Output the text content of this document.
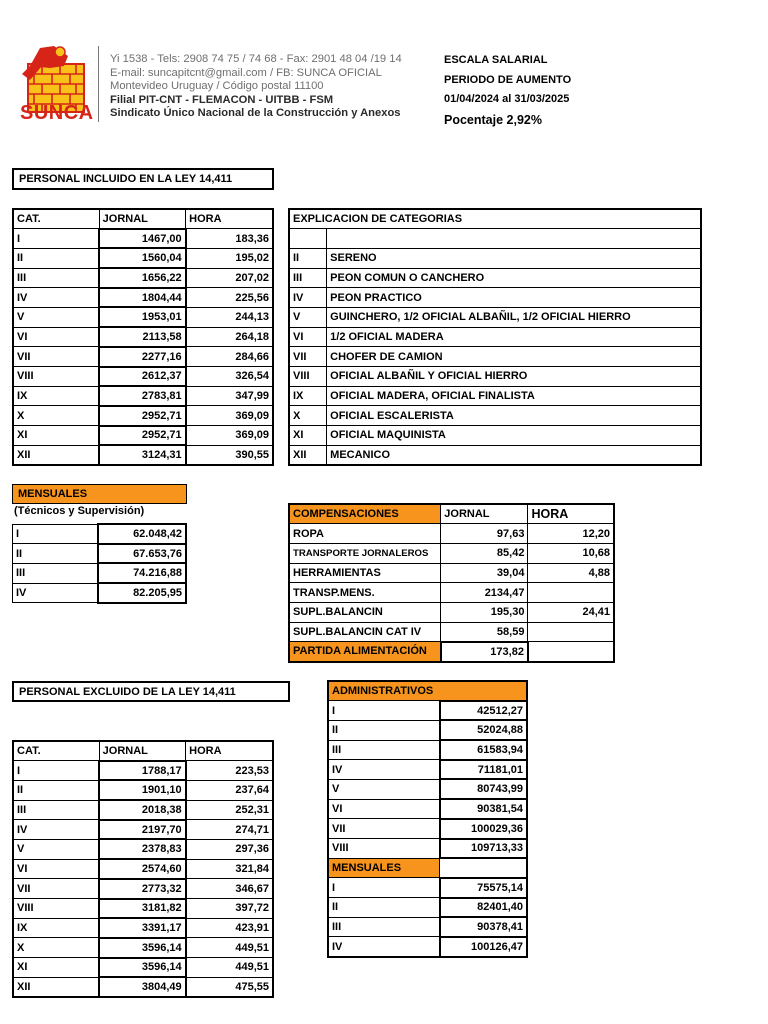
SUNCA
Yi 1538 - Tels: 2908 74 75 / 74 68 - Fax: 2901 48 04 /19 14
E-mail: suncapitcnt@gmail.com / FB: SUNCA OFICIAL
Montevideo Uruguay / Código postal 11100
Filial PIT-CNT - FLEMACON - UITBB - FSM
Sindicato Único Nacional de la Construcción y Anexos
ESCALA SALARIAL
PERIODO DE AUMENTO
01/04/2024 al 31/03/2025
Pocentaje 2,92%
PERSONAL INCLUIDO EN LA LEY 14,411
CAT.	JORNAL	HORA
I	1467,00	183,36
II	1560,04	195,02
III	1656,22	207,02
IV	1804,44	225,56
V	1953,01	244,13
VI	2113,58	264,18
VII	2277,16	284,66
VIII	2612,37	326,54
IX	2783,81	347,99
X	2952,71	369,09
XI	2952,71	369,09
XII	3124,31	390,55
EXPLICACION DE CATEGORIAS	

II	SERENO
III	PEON COMUN O CANCHERO
IV	PEON PRACTICO
V	GUINCHERO, 1/2 OFICIAL ALBAÑIL, 1/2 OFICIAL HIERRO
VI	1/2 OFICIAL MADERA
VII	CHOFER DE CAMION
VIII	OFICIAL ALBAÑIL Y OFICIAL HIERRO
IX	OFICIAL MADERA, OFICIAL FINALISTA
X	OFICIAL ESCALERISTA
XI	OFICIAL MAQUINISTA
XII	MECANICO
MENSUALES
(Técnicos y Supervisión)
I	62.048,42
II	67.653,76
III	74.216,88
IV	82.205,95
COMPENSACIONES	JORNAL	HORA
ROPA	97,63	12,20
TRANSPORTE JORNALEROS	85,42	10,68
HERRAMIENTAS	39,04	4,88
TRANSP.MENS.	2134,47	
SUPL.BALANCIN	195,30	24,41
SUPL.BALANCIN CAT IV	58,59	
PARTIDA ALIMENTACIÓN	173,82	
PERSONAL EXCLUIDO DE LA LEY 14,411
CAT.	JORNAL	HORA
I	1788,17	223,53
II	1901,10	237,64
III	2018,38	252,31
IV	2197,70	274,71
V	2378,83	297,36
VI	2574,60	321,84
VII	2773,32	346,67
VIII	3181,82	397,72
IX	3391,17	423,91
X	3596,14	449,51
XI	3596,14	449,51
XII	3804,49	475,55
ADMINISTRATIVOS	
I	42512,27
II	52024,88
III	61583,94
IV	71181,01
V	80743,99
VI	90381,54
VII	100029,36
VIII	109713,33
MENSUALES	
I	75575,14
II	82401,40
III	90378,41
IV	100126,47
